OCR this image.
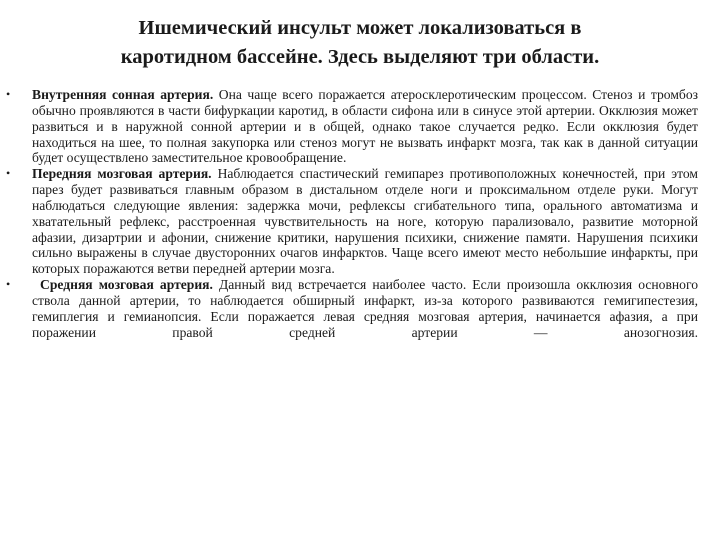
Ишемический инсульт может локализоваться в
каротидном бассейне. Здесь выделяют три области.
• Внутренняя сонная артерия. Она чаще всего поражается атеросклеротическим процессом. Стеноз и тромбоз обычно проявляются в части бифуркации каротид, в области сифона или в синусе этой артерии. Окклюзия может развиться и в наружной сонной артерии и в общей, однако такое случается редко. Если окклюзия будет находиться на шее, то полная закупорка или стеноз могут не вызвать инфаркт мозга, так как в данной ситуации будет осуществлено заместительное кровообращение.
• Передняя мозговая артерия. Наблюдается спастический гемипарез противоположных конечностей, при этом парез будет развиваться главным образом в дистальном отделе ноги и проксимальном отделе руки. Могут наблюдаться следующие явления: задержка мочи, рефлексы сгибательного типа, орального автоматизма и хватательный рефлекс, расстроенная чувствительность на ноге, которую парализовало, развитие моторной афазии, дизартрии и афонии, снижение критики, нарушения психики, снижение памяти. Нарушения психики сильно выражены в случае двусторонних очагов инфарктов. Чаще всего имеют место небольшие инфаркты, при которых поражаются ветви передней артерии мозга.
• Средняя мозговая артерия. Данный вид встречается наиболее часто. Если произошла окклюзия основного ствола данной артерии, то наблюдается обширный инфаркт, из-за которого развиваются гемигипестезия, гемиплегия и гемианопсия. Если поражается левая средняя мозговая артерия, начинается афазия, а при поражении правой средней артерии — анозогнозия.
